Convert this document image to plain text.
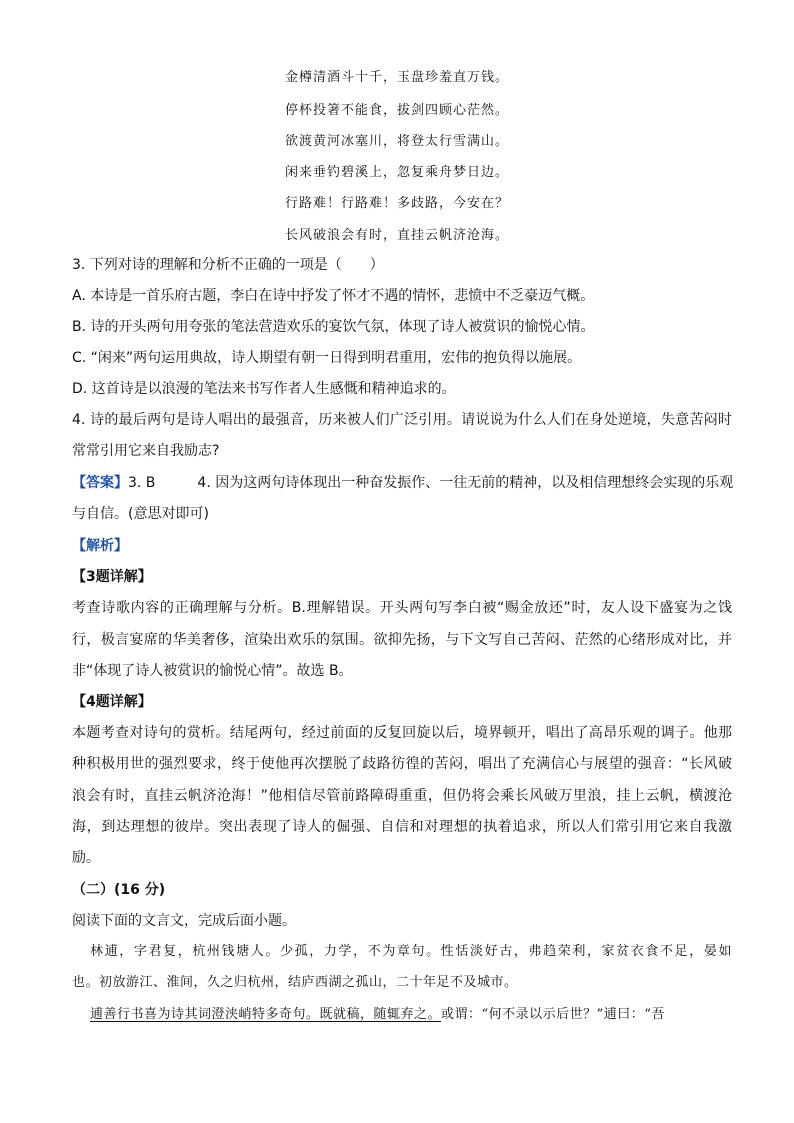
金樽清酒斗十千，玉盘珍羞直万钱。
停杯投箸不能食，拔剑四顾心茫然。
欲渡黄河冰塞川，将登太行雪满山。
闲来垂钓碧溪上，忽复乘舟梦日边。
行路难！行路难！多歧路，今安在？
长风破浪会有时，直挂云帆济沧海。
3. 下列对诗的理解和分析不正确的一项是（　　）
A. 本诗是一首乐府古题，李白在诗中抒发了怀才不遇的情怀，悲愤中不乏豪迈气概。
B. 诗的开头两句用夸张的笔法营造欢乐的宴饮气氛，体现了诗人被赏识的愉悦心情。
C. “闲来”两句运用典故，诗人期望有朝一日得到明君重用，宏伟的抱负得以施展。
D. 这首诗是以浪漫的笔法来书写作者人生感慨和精神追求的。
4. 诗的最后两句是诗人唱出的最强音，历来被人们广泛引用。请说说为什么人们在身处逆境，失意苦闷时
常常引用它来自我励志?
【答案】3. B　　　4. 因为这两句诗体现出一种奋发振作、一往无前的精神，以及相信理想终会实现的乐观
与自信。(意思对即可)
【解析】
【3题详解】
考查诗歌内容的正确理解与分析。B.理解错误。开头两句写李白被“赐金放还”时，友人设下盛宴为之饯
行，极言宴席的华美奢侈，渲染出欢乐的氛围。欲抑先扬，与下文写自己苦闷、茫然的心绪形成对比，并
非“体现了诗人被赏识的愉悦心情”。故选 B。
【4题详解】
本题考查对诗句的赏析。结尾两句，经过前面的反复回旋以后，境界顿开，唱出了高昂乐观的调子。他那
种积极用世的强烈要求，终于使他再次摆脱了歧路彷徨的苦闷，唱出了充满信心与展望的强音：“长风破
浪会有时，直挂云帆济沧海！”他相信尽管前路障碍重重，但仍将会乘长风破万里浪，挂上云帆，横渡沧
海，到达理想的彼岸。突出表现了诗人的倔强、自信和对理想的执着追求，所以人们常引用它来自我激
励。
（二）(16 分)
阅读下面的文言文，完成后面小题。
林逋，字君复，杭州钱塘人。少孤，力学，不为章句。性恬淡好古，弗趋荣利，家贫衣食不足，晏如
也。初放游江、淮间，久之归杭州，结庐西湖之孤山，二十年足不及城市。
逋善行书喜为诗其词澄浃峭特多奇句。既就稿，随辄弃之。或谓：“何不录以示后世？”逋曰：“吾
